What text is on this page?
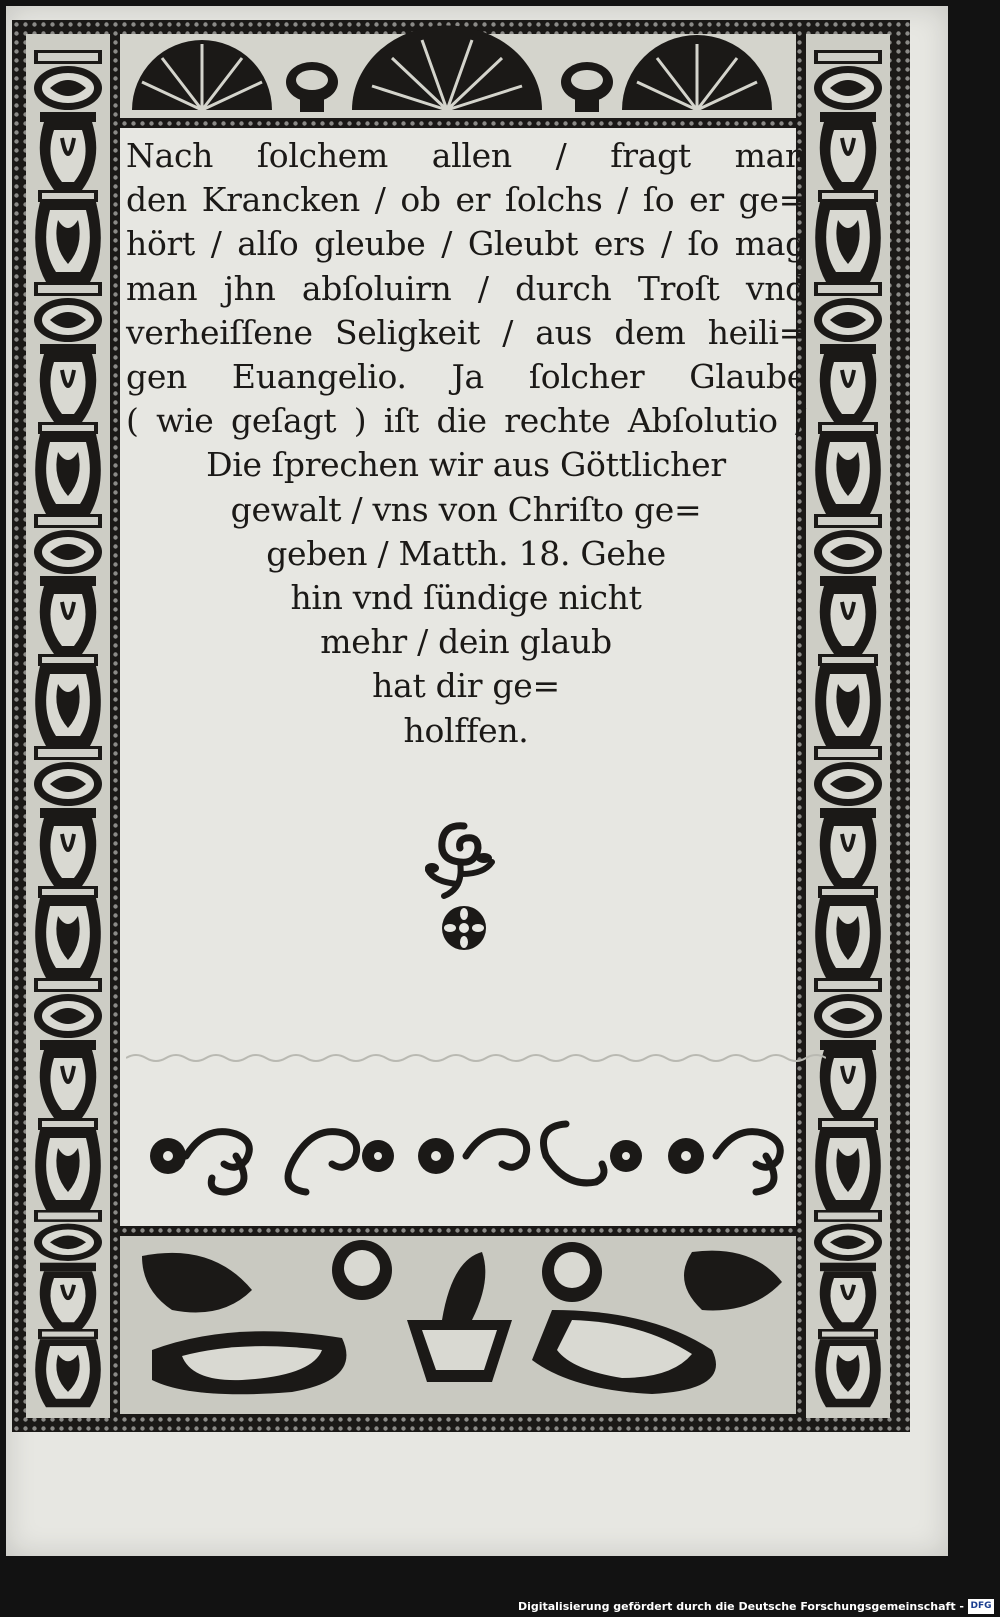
Nach ſolchem allen / fragt man
den Krancken / ob er ſolchs / ſo er ge=
hört / alſo gleube / Gleubt ers / ſo mag
man jhn abſoluirn / durch Troſt vnd
verheiſſene Seligkeit / aus dem heili=
gen Euangelio. Ja ſolcher Glaube
( wie geſagt ) iſt die rechte Abſolutio /
Die ſprechen wir aus Göttlicher
gewalt / vns von Chriſto ge=
geben / Matth. 18. Gehe
hin vnd ſündige nicht
mehr / dein glaub
hat dir ge=
holffen.
Digitalisierung gefördert durch die Deutsche Forschungsgemeinschaft - DFG
